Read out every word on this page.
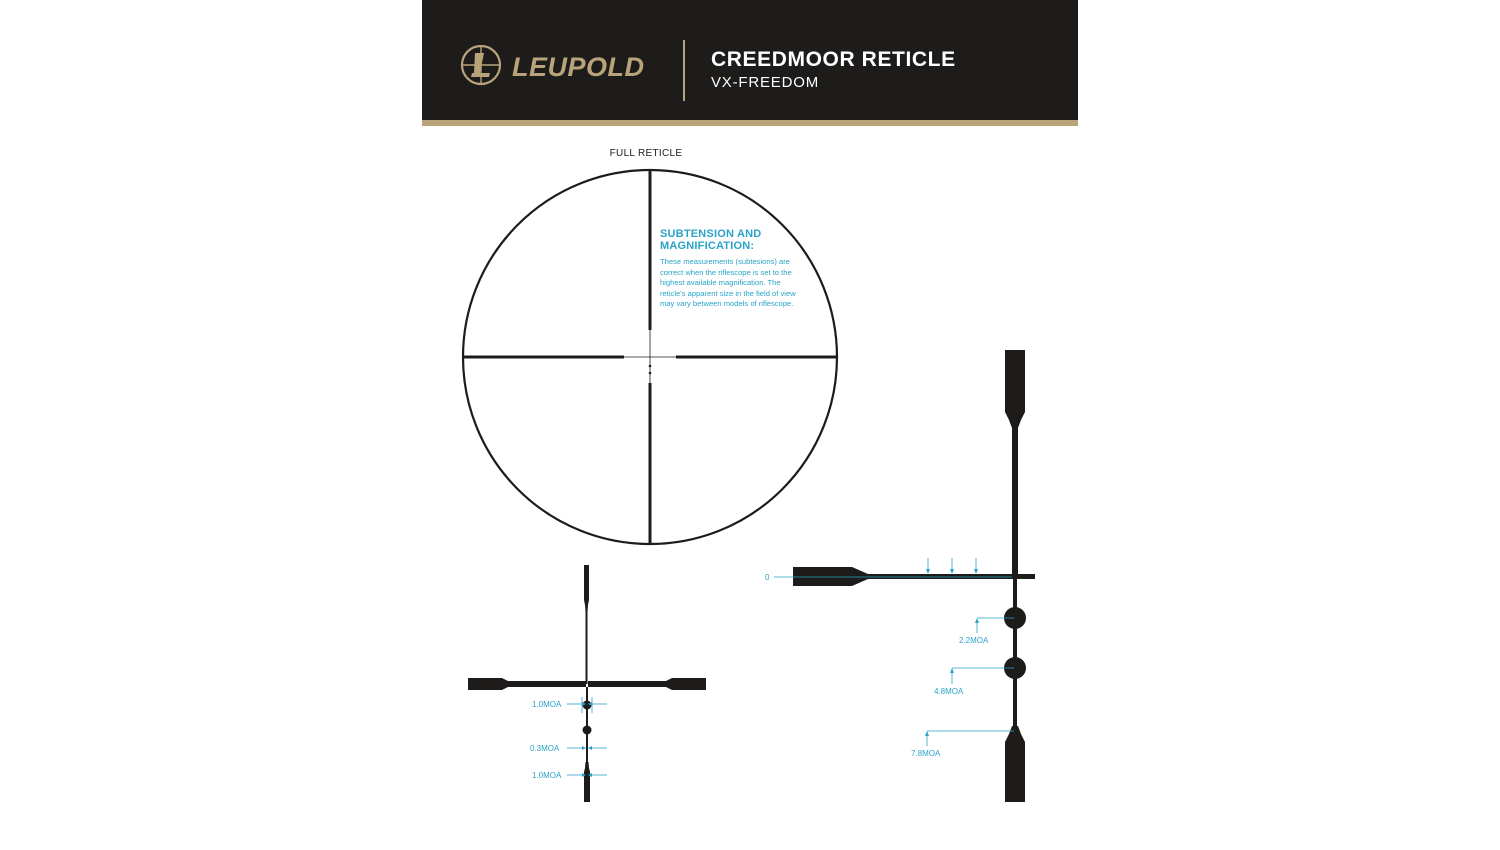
LEUPOLD	CREEDMOOR RETICLE
VX-FREEDOM
1.0MOA
0.3MOA
1.0MOA
0
2.2MOA
4.8MOA
7.8MOA
FULL RETICLE
SUBTENSION AND MAGNIFICATION:
These measurements (subtesions) are correct when the riflescope is set to the highest available magnification. The reticle's apparent size in the field of view may vary between models of riflescope.
